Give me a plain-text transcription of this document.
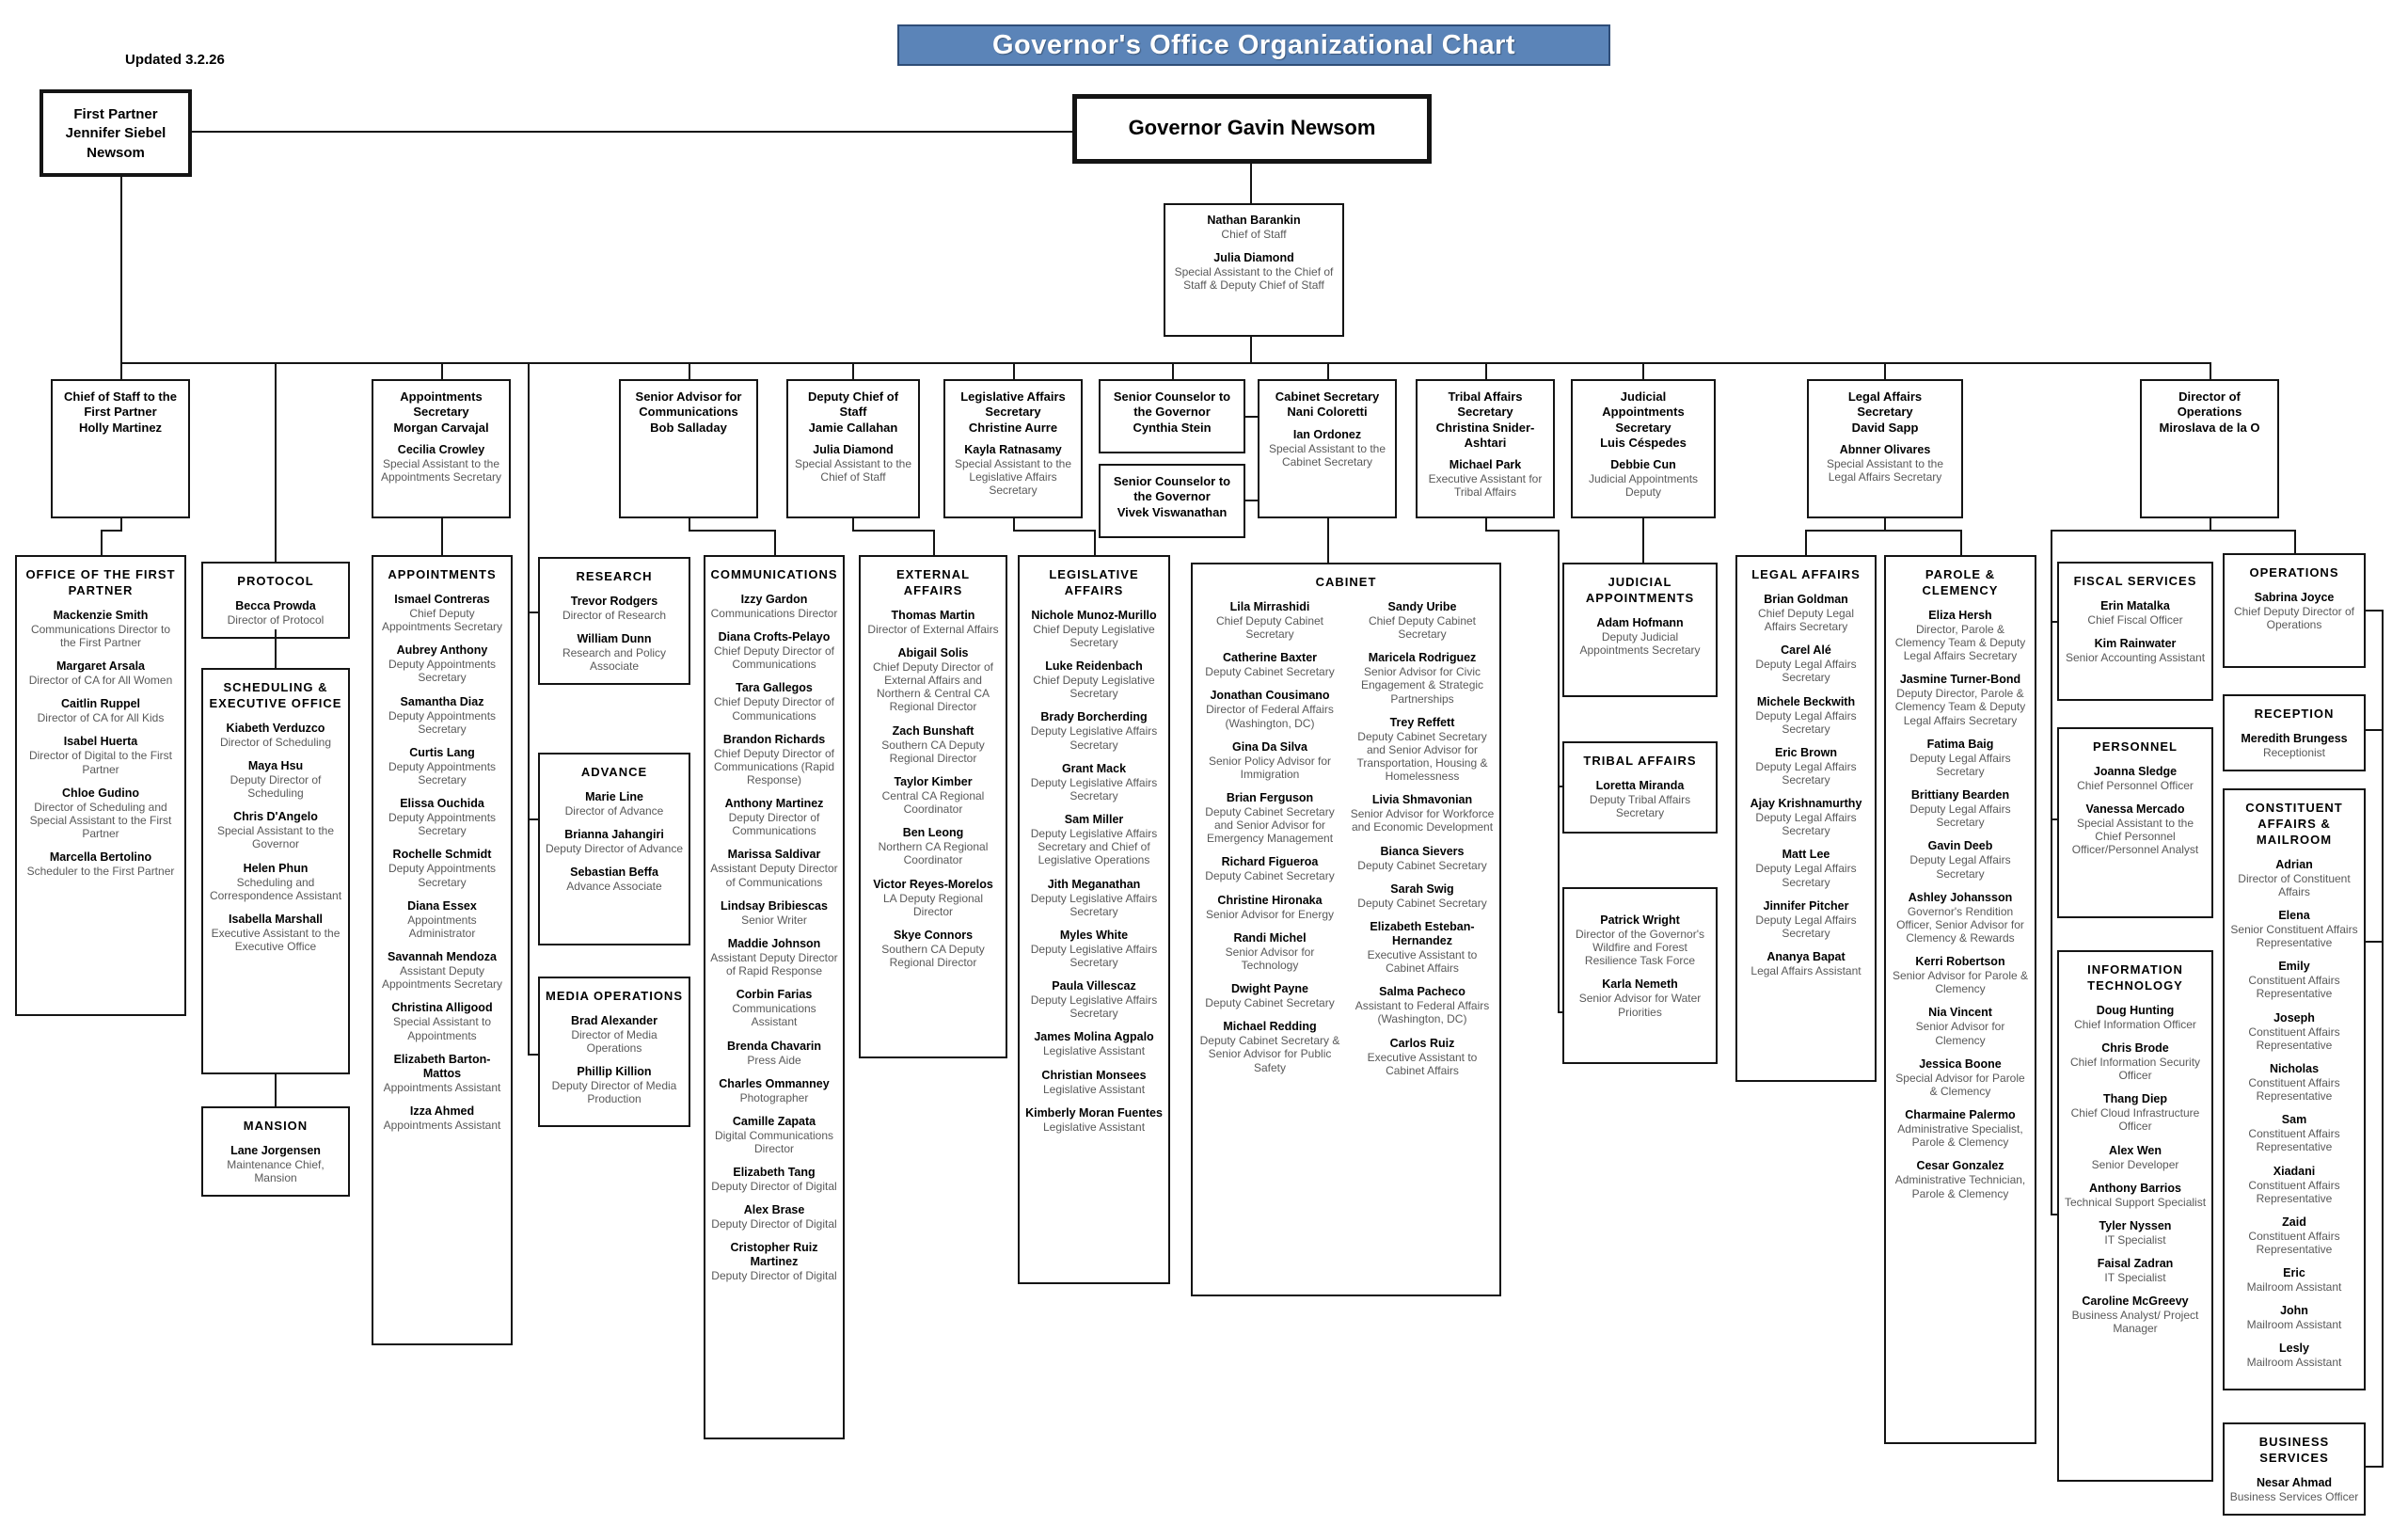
Updated 3.2.26	Governor's Office Organizational Chart
First Partner
Jennifer Siebel
Newsom
Governor Gavin Newsom
Nathan Barankin
Chief of Staff
Julia Diamond
Special Assistant to the Chief of Staff & Deputy Chief of Staff
Chief of Staff to the
First Partner
Holly Martinez
Appointments
Secretary
Morgan Carvajal
Cecilia Crowley
Special Assistant to the Appointments Secretary
Senior Advisor for
Communications
Bob Salladay
Deputy Chief of
Staff
Jamie Callahan
Julia Diamond
Special Assistant to the Chief of Staff
Legislative Affairs
Secretary
Christine Aurre
Kayla Ratnasamy
Special Assistant to the Legislative Affairs Secretary
Senior Counselor to
the Governor
Cynthia Stein
Senior Counselor to
the Governor
Vivek Viswanathan
Cabinet Secretary
Nani Coloretti
Ian Ordonez
Special Assistant to the Cabinet Secretary
Tribal Affairs
Secretary
Christina Snider-Ashtari
Michael Park
Executive Assistant for Tribal Affairs
Judicial
Appointments
Secretary
Luis Céspedes
Debbie Cun
Judicial Appointments Deputy
Legal Affairs
Secretary
David Sapp
Abnner Olivares
Special Assistant to the Legal Affairs Secretary
Director of
Operations
Miroslava de la O
OFFICE OF THE FIRST PARTNER
Mackenzie Smith
Communications Director to the First Partner
Margaret Arsala
Director of CA for All Women
Caitlin Ruppel
Director of CA for All Kids
Isabel Huerta
Director of Digital to the First Partner
Chloe Gudino
Director of Scheduling and Special Assistant to the First Partner
Marcella Bertolino
Scheduler to the First Partner
PROTOCOL
Becca Prowda
Director of Protocol
SCHEDULING & EXECUTIVE OFFICE
Kiabeth Verduzco
Director of Scheduling
Maya Hsu
Deputy Director of Scheduling
Chris D'Angelo
Special Assistant to the Governor
Helen Phun
Scheduling and Correspondence Assistant
Isabella Marshall
Executive Assistant to the Executive Office
MANSION
Lane Jorgensen
Maintenance Chief, Mansion
APPOINTMENTS
Ismael Contreras
Chief Deputy Appointments Secretary
Aubrey Anthony
Deputy Appointments Secretary
Samantha Diaz
Deputy Appointments Secretary
Curtis Lang
Deputy Appointments Secretary
Elissa Ouchida
Deputy Appointments Secretary
Rochelle Schmidt
Deputy Appointments Secretary
Diana Essex
Appointments Administrator
Savannah Mendoza
Assistant Deputy Appointments Secretary
Christina Alligood
Special Assistant to Appointments
Elizabeth Barton-Mattos
Appointments Assistant
Izza Ahmed
Appointments Assistant
RESEARCH
Trevor Rodgers
Director of Research
William Dunn
Research and Policy Associate
ADVANCE
Marie Line
Director of Advance
Brianna Jahangiri
Deputy Director of Advance
Sebastian Beffa
Advance Associate
MEDIA OPERATIONS
Brad Alexander
Director of Media Operations
Phillip Killion
Deputy Director of Media Production
COMMUNICATIONS
Izzy Gardon
Communications Director
Diana Crofts-Pelayo
Chief Deputy Director of Communications
Tara Gallegos
Chief Deputy Director of Communications
Brandon Richards
Chief Deputy Director of Communications (Rapid Response)
Anthony Martinez
Deputy Director of Communications
Marissa Saldivar
Assistant Deputy Director of Communications
Lindsay Bribiescas
Senior Writer
Maddie Johnson
Assistant Deputy Director of Rapid Response
Corbin Farias
Communications Assistant
Brenda Chavarin
Press Aide
Charles Ommanney
Photographer
Camille Zapata
Digital Communications Director
Elizabeth Tang
Deputy Director of Digital
Alex Brase
Deputy Director of Digital
Cristopher Ruiz Martinez
Deputy Director of Digital
EXTERNAL AFFAIRS
Thomas Martin
Director of External Affairs
Abigail Solis
Chief Deputy Director of External Affairs and Northern & Central CA Regional Director
Zach Bunshaft
Southern CA Deputy Regional Director
Taylor Kimber
Central CA Regional Coordinator
Ben Leong
Northern CA Regional Coordinator
Victor Reyes-Morelos
LA Deputy Regional Director
Skye Connors
Southern CA Deputy Regional Director
LEGISLATIVE AFFAIRS
Nichole Munoz-Murillo
Chief Deputy Legislative Secretary
Luke Reidenbach
Chief Deputy Legislative Secretary
Brady Borcherding
Deputy Legislative Affairs Secretary
Grant Mack
Deputy Legislative Affairs Secretary
Sam Miller
Deputy Legislative Affairs Secretary and Chief of Legislative Operations
Jith Meganathan
Deputy Legislative Affairs Secretary
Myles White
Deputy Legislative Affairs Secretary
Paula Villescaz
Deputy Legislative Affairs Secretary
James Molina Agpalo
Legislative Assistant
Christian Monsees
Legislative Assistant
Kimberly Moran Fuentes
Legislative Assistant
CABINET
Lila Mirrashidi
Chief Deputy Cabinet Secretary
Catherine Baxter
Deputy Cabinet Secretary
Jonathan Cousimano
Director of Federal Affairs (Washington, DC)
Gina Da Silva
Senior Policy Advisor for Immigration
Brian Ferguson
Deputy Cabinet Secretary and Senior Advisor for Emergency Management
Richard Figueroa
Deputy Cabinet Secretary
Christine Hironaka
Senior Advisor for Energy
Randi Michel
Senior Advisor for Technology
Dwight Payne
Deputy Cabinet Secretary
Michael Redding
Deputy Cabinet Secretary & Senior Advisor for Public Safety
Sandy Uribe
Chief Deputy Cabinet Secretary
Maricela Rodriguez
Senior Advisor for Civic Engagement & Strategic Partnerships
Trey Reffett
Deputy Cabinet Secretary and Senior Advisor for Transportation, Housing & Homelessness
Livia Shmavonian
Senior Advisor for Workforce and Economic Development
Bianca Sievers
Deputy Cabinet Secretary
Sarah Swig
Deputy Cabinet Secretary
Elizabeth Esteban-Hernandez
Executive Assistant to Cabinet Affairs
Salma Pacheco
Assistant to Federal Affairs (Washington, DC)
Carlos Ruiz
Executive Assistant to Cabinet Affairs
JUDICIAL APPOINTMENTS
Adam Hofmann
Deputy Judicial Appointments Secretary
TRIBAL AFFAIRS
Loretta Miranda
Deputy Tribal Affairs Secretary
Patrick Wright
Director of the Governor's Wildfire and Forest Resilience Task Force
Karla Nemeth
Senior Advisor for Water Priorities
LEGAL AFFAIRS
Brian Goldman
Chief Deputy Legal Affairs Secretary
Carel Alé
Deputy Legal Affairs Secretary
Michele Beckwith
Deputy Legal Affairs Secretary
Eric Brown
Deputy Legal Affairs Secretary
Ajay Krishnamurthy
Deputy Legal Affairs Secretary
Matt Lee
Deputy Legal Affairs Secretary
Jinnifer Pitcher
Deputy Legal Affairs Secretary
Ananya Bapat
Legal Affairs Assistant
PAROLE & CLEMENCY
Eliza Hersh
Director, Parole & Clemency Team & Deputy Legal Affairs Secretary
Jasmine Turner-Bond
Deputy Director, Parole & Clemency Team & Deputy Legal Affairs Secretary
Fatima Baig
Deputy Legal Affairs Secretary
Brittiany Bearden
Deputy Legal Affairs Secretary
Gavin Deeb
Deputy Legal Affairs Secretary
Ashley Johansson
Governor's Rendition Officer, Senior Advisor for Clemency & Rewards
Kerri Robertson
Senior Advisor for Parole & Clemency
Nia Vincent
Senior Advisor for Clemency
Jessica Boone
Special Advisor for Parole & Clemency
Charmaine Palermo
Administrative Specialist, Parole & Clemency
Cesar Gonzalez
Administrative Technician, Parole & Clemency
FISCAL SERVICES
Erin Matalka
Chief Fiscal Officer
Kim Rainwater
Senior Accounting Assistant
PERSONNEL
Joanna Sledge
Chief Personnel Officer
Vanessa Mercado
Special Assistant to the Chief Personnel Officer/Personnel Analyst
INFORMATION TECHNOLOGY
Doug Hunting
Chief Information Officer
Chris Brode
Chief Information Security Officer
Thang Diep
Chief Cloud Infrastructure Officer
Alex Wen
Senior Developer
Anthony Barrios
Technical Support Specialist
Tyler Nyssen
IT Specialist
Faisal Zadran
IT Specialist
Caroline McGreevy
Business Analyst/ Project Manager
OPERATIONS
Sabrina Joyce
Chief Deputy Director of Operations
RECEPTION
Meredith Brungess
Receptionist
CONSTITUENT AFFAIRS & MAILROOM
Adrian
Director of Constituent Affairs
Elena
Senior Constituent Affairs Representative
Emily
Constituent Affairs Representative
Joseph
Constituent Affairs Representative
Nicholas
Constituent Affairs Representative
Sam
Constituent Affairs Representative
Xiadani
Constituent Affairs Representative
Zaid
Constituent Affairs Representative
Eric
Mailroom Assistant
John
Mailroom Assistant
Lesly
Mailroom Assistant
BUSINESS SERVICES
Nesar Ahmad
Business Services Officer
